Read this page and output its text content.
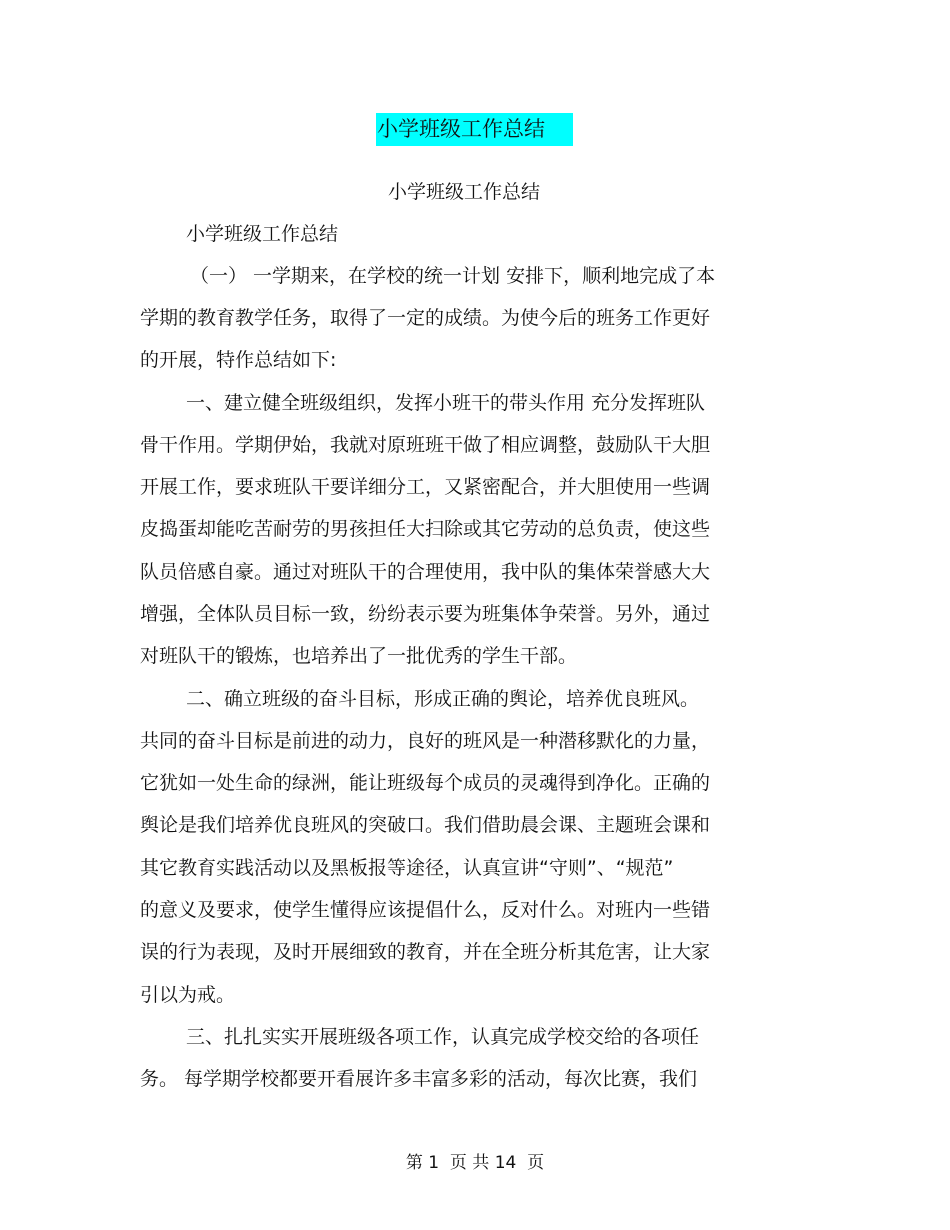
小学班级工作总结
小学班级工作总结
小学班级工作总结
（一） 一学期来，在学校的统一计划 安排下，顺利地完成了本
学期的教育教学任务，取得了一定的成绩。为使今后的班务工作更好
的开展，特作总结如下:
一、建立健全班级组织，发挥小班干的带头作用 充分发挥班队
骨干作用。学期伊始，我就对原班班干做了相应调整，鼓励队干大胆
开展工作，要求班队干要详细分工，又紧密配合，并大胆使用一些调
皮捣蛋却能吃苦耐劳的男孩担任大扫除或其它劳动的总负责，使这些
队员倍感自豪。通过对班队干的合理使用，我中队的集体荣誉感大大
增强，全体队员目标一致，纷纷表示要为班集体争荣誉。另外，通过
对班队干的锻炼，也培养出了一批优秀的学生干部。
二、确立班级的奋斗目标，形成正确的舆论，培养优良班风。
共同的奋斗目标是前进的动力，良好的班风是一种潜移默化的力量，
它犹如一处生命的绿洲，能让班级每个成员的灵魂得到净化。正确的
舆论是我们培养优良班风的突破口。我们借助晨会课、主题班会课和
其它教育实践活动以及黑板报等途径，认真宣讲“守则”、“规范”
的意义及要求，使学生懂得应该提倡什么，反对什么。对班内一些错
误的行为表现，及时开展细致的教育，并在全班分析其危害，让大家
引以为戒。
三、扎扎实实开展班级各项工作，认真完成学校交给的各项任
务。 每学期学校都要开看展许多丰富多彩的活动，每次比赛，我们
第 1  页 共 14  页
